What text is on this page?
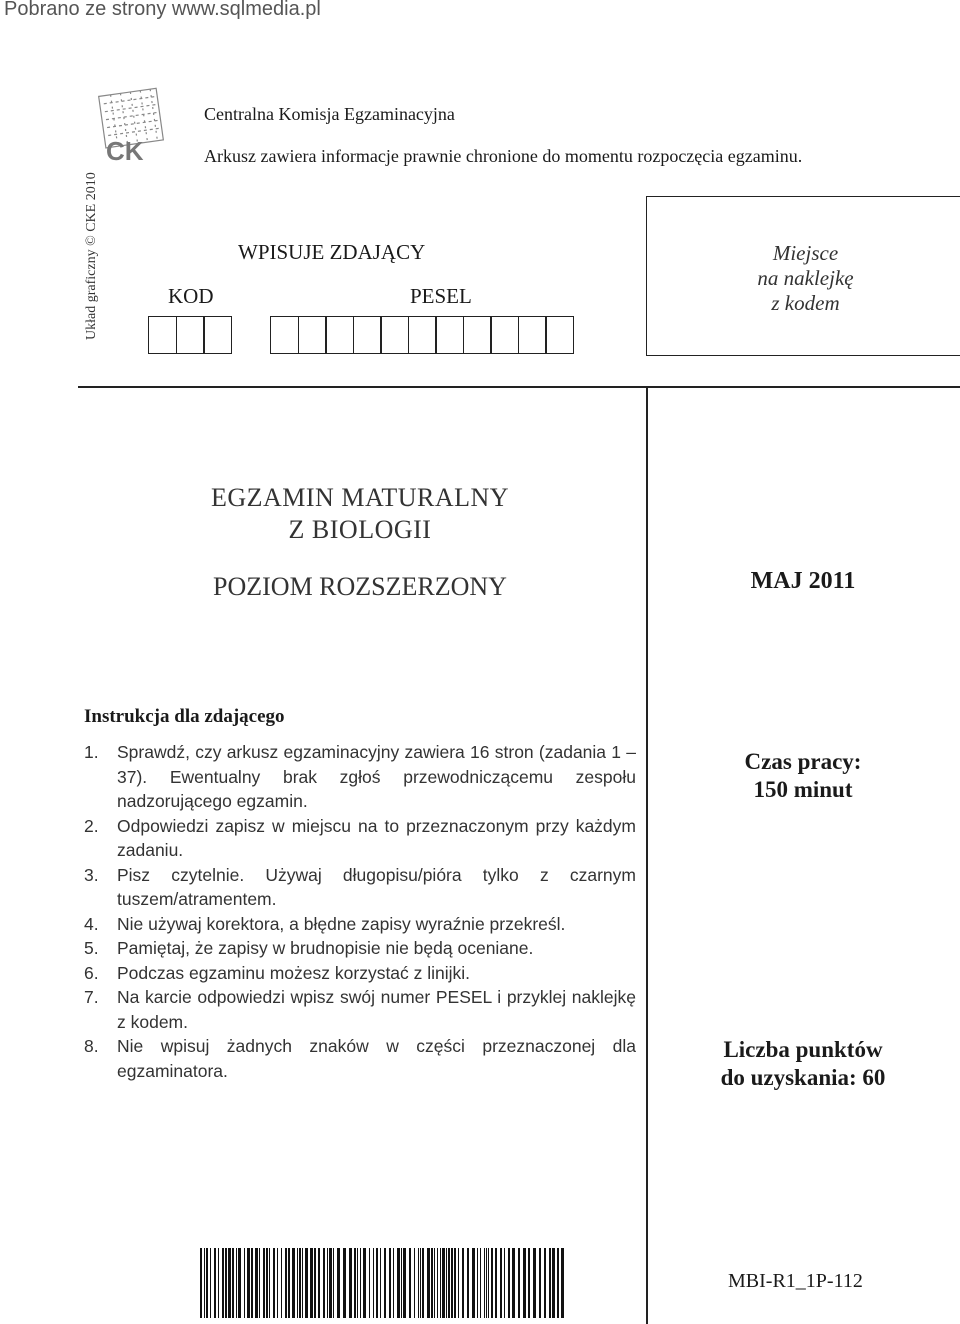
Pobrano ze strony www.sqlmedia.pl
CK
Centralna Komisja Egzaminacyjna
Arkusz zawiera informacje prawnie chronione do momentu rozpoczęcia egzaminu.
Układ graficzny © CKE 2010	WPISUJE ZDAJĄCY
KOD	PESEL
Miejsce
na naklejkę
z kodem
EGZAMIN MATURALNY
Z BIOLOGII
POZIOM ROZSZERZONY	MAJ 2011
Instrukcja dla zdającego
1. Sprawdź, czy arkusz egzaminacyjny zawiera 16 stron (zadania 1 – 37). Ewentualny brak zgłoś przewodniczącemu zespołu nadzorującego egzamin.
2. Odpowiedzi zapisz w miejscu na to przeznaczonym przy każdym zadaniu.
3. Pisz czytelnie. Używaj długopisu/pióra tylko z czarnym tuszem/atramentem.
4. Nie używaj korektora, a błędne zapisy wyraźnie przekreśl.
5. Pamiętaj, że zapisy w brudnopisie nie będą oceniane.
6. Podczas egzaminu możesz korzystać z linijki.
7. Na karcie odpowiedzi wpisz swój numer PESEL i przyklej naklejkę z kodem.
8. Nie wpisuj żadnych znaków w części przeznaczonej dla egzaminatora.
Czas pracy:
150 minut
Liczba punktów
do uzyskania: 60
MBI-R1_1P-112
